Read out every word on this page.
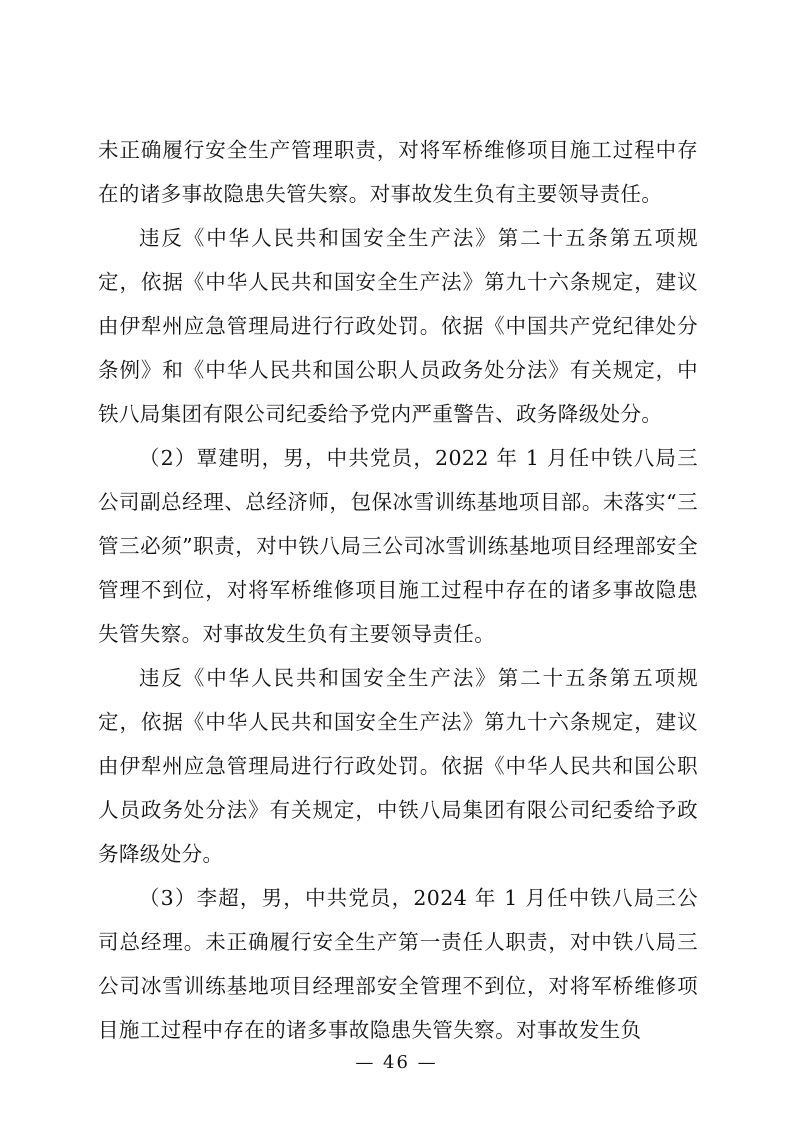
未正确履行安全生产管理职责，对将军桥维修项目施工过程中存在的诸多事故隐患失管失察。对事故发生负有主要领导责任。

违反《中华人民共和国安全生产法》第二十五条第五项规定，依据《中华人民共和国安全生产法》第九十六条规定，建议由伊犁州应急管理局进行行政处罚。依据《中国共产党纪律处分条例》和《中华人民共和国公职人员政务处分法》有关规定，中铁八局集团有限公司纪委给予党内严重警告、政务降级处分。

（2）覃建明，男，中共党员，2022 年 1 月任中铁八局三公司副总经理、总经济师，包保冰雪训练基地项目部。未落实“三管三必须”职责，对中铁八局三公司冰雪训练基地项目经理部安全管理不到位，对将军桥维修项目施工过程中存在的诸多事故隐患失管失察。对事故发生负有主要领导责任。

违反《中华人民共和国安全生产法》第二十五条第五项规定，依据《中华人民共和国安全生产法》第九十六条规定，建议由伊犁州应急管理局进行行政处罚。依据《中华人民共和国公职人员政务处分法》有关规定，中铁八局集团有限公司纪委给予政务降级处分。

（3）李超，男，中共党员，2024 年 1 月任中铁八局三公司总经理。未正确履行安全生产第一责任人职责，对中铁八局三公司冰雪训练基地项目经理部安全管理不到位，对将军桥维修项目施工过程中存在的诸多事故隐患失管失察。对事故发生负

— 46 —
